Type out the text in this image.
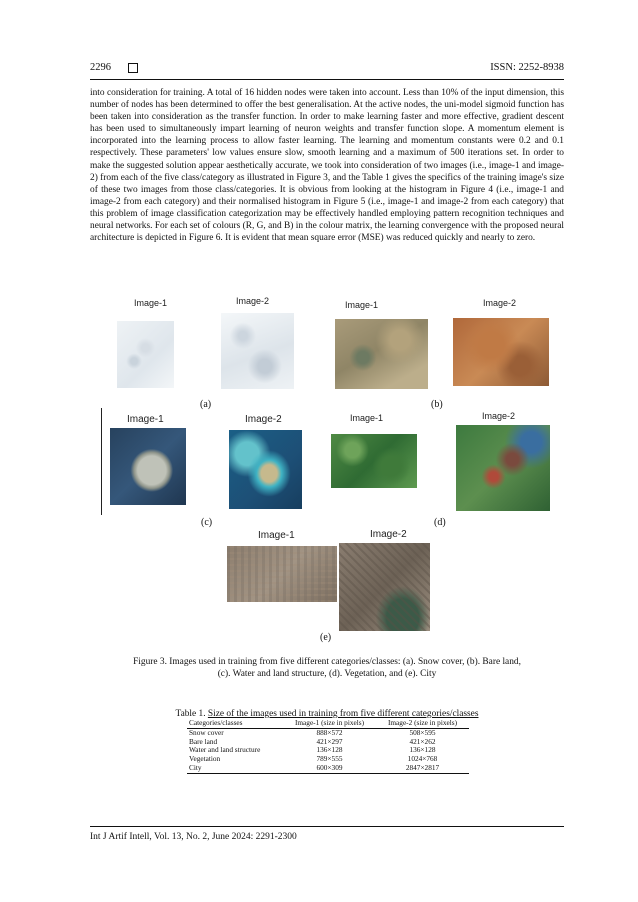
2296	ISSN: 2252-8938
into consideration for training. A total of 16 hidden nodes were taken into account. Less than 10% of the input dimension, this number of nodes has been determined to offer the best generalisation. At the active nodes, the uni-model sigmoid function has been taken into consideration as the transfer function. In order to make learning faster and more effective, gradient descent has been used to simultaneously impart learning of neuron weights and transfer function slope. A momentum element is incorporated into the learning process to allow faster learning. The learning and momentum constants were 0.2 and 0.1 respectively. These parameters' low values ensure slow, smooth learning and a maximum of 500 iterations set. In order to make the suggested solution appear aesthetically accurate, we took into consideration of two images (i.e., image-1 and image-2) from each of the five class/category as illustrated in Figure 3, and the Table 1 gives the specifics of the training image's size of these two images from those class/categories. It is obvious from looking at the histogram in Figure 4 (i.e., image-1 and image-2 from each category) and their normalised histogram in Figure 5 (i.e., image-1 and image-2 from each category) that this problem of image classification categorization may be effectively handled employing pattern recognition techniques and neural networks. For each set of colours (R, G, and B) in the colour matrix, the learning convergence with the proposed neural architecture is depicted in Figure 6. It is evident that mean square error (MSE) was reduced quickly and nearly to zero.
Image-1	Image-2
(a)
Image-1	Image-2
(b)
Image-1	Image-2
(c)
Image-1	Image-2
(d)
Image-1	Image-2
(e)
Figure 3. Images used in training from five different categories/classes: (a). Snow cover, (b). Bare land,
(c). Water and land structure, (d). Vegetation, and (e). City
Table 1. Size of the images used in training from five different categories/classes
Categories/classes	Image-1 (size in pixels)	Image-2 (size in pixels)
Snow cover	888×572	508×595
Bare land	421×297	421×262
Water and land structure	136×128	136×128
Vegetation	789×555	1024×768
City	600×309	2847×2817
Int J Artif Intell, Vol. 13, No. 2, June 2024: 2291-2300
